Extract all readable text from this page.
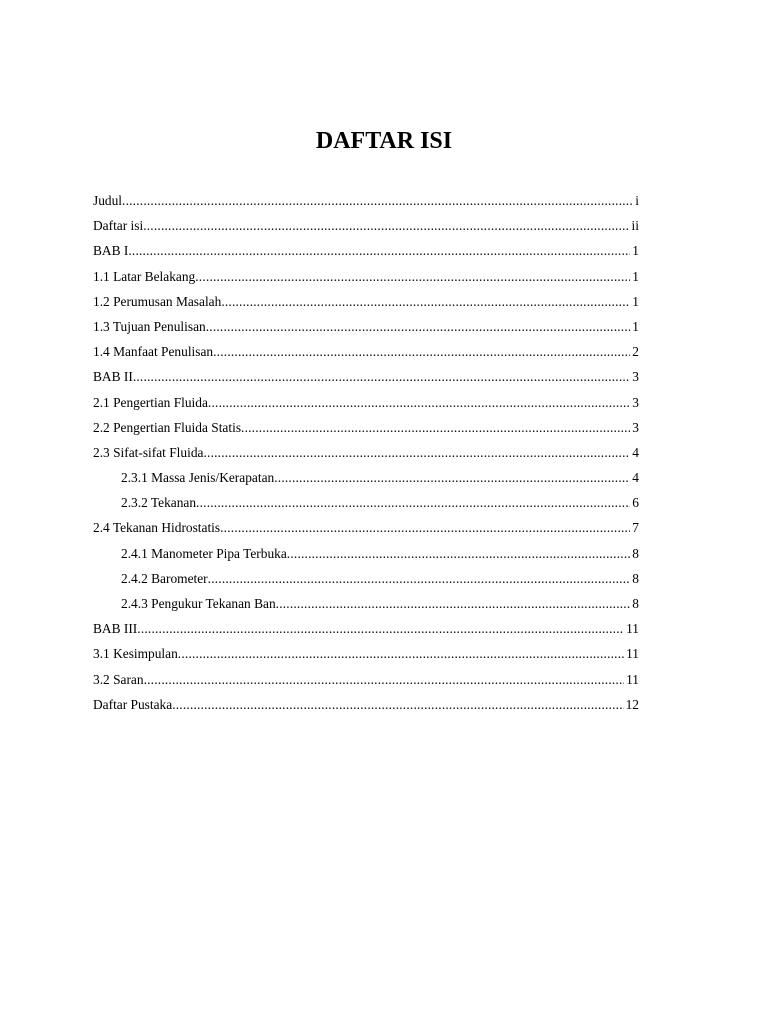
DAFTAR ISI
Judul .....	i
Daftar isi .....	ii
BAB I .....	1
1.1 Latar Belakang .....	1
1.2 Perumusan Masalah .....	1
1.3 Tujuan Penulisan .....	1
1.4 Manfaat Penulisan .....	2
BAB II .....	3
2.1 Pengertian Fluida .....	3
2.2 Pengertian Fluida Statis .....	3
2.3 Sifat-sifat Fluida .....	4
2.3.1 Massa Jenis/Kerapatan .....	4
2.3.2 Tekanan .....	6
2.4 Tekanan Hidrostatis .....	7
2.4.1 Manometer Pipa Terbuka .....	8
2.4.2 Barometer .....	8
2.4.3 Pengukur Tekanan Ban .....	8
BAB III .....	11
3.1 Kesimpulan .....	11
3.2 Saran .....	11
Daftar Pustaka .....	12
